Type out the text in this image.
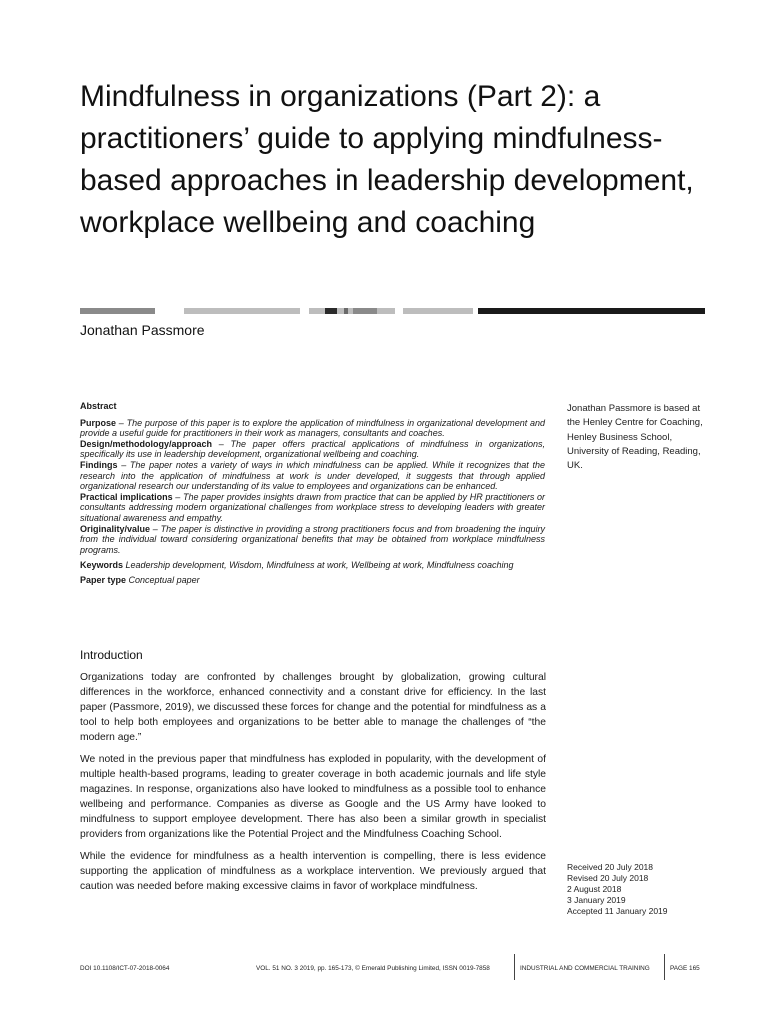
Mindfulness in organizations (Part 2): a practitioners’ guide to applying mindfulness-based approaches in leadership development, workplace wellbeing and coaching
Jonathan Passmore

Abstract

Purpose – The purpose of this paper is to explore the application of mindfulness in organizational development and provide a useful guide for practitioners in their work as managers, consultants and coaches.

Design/methodology/approach – The paper offers practical applications of mindfulness in organizations, specifically its use in leadership development, organizational wellbeing and coaching.

Findings – The paper notes a variety of ways in which mindfulness can be applied. While it recognizes that the research into the application of mindfulness at work is under developed, it suggests that through applied organizational research our understanding of its value to employees and organizations can be enhanced.

Practical implications – The paper provides insights drawn from practice that can be applied by HR practitioners or consultants addressing modern organizational challenges from workplace stress to developing leaders with greater situational awareness and empathy.

Originality/value – The paper is distinctive in providing a strong practitioners focus and from broadening the inquiry from the individual toward considering organizational benefits that may be obtained from workplace mindfulness programs.

Keywords Leadership development, Wisdom, Mindfulness at work, Wellbeing at work, Mindfulness coaching

Paper type Conceptual paper

Jonathan Passmore is based at the Henley Centre for Coaching, Henley Business School, University of Reading, Reading, UK.
Introduction

Organizations today are confronted by challenges brought by globalization, growing cultural differences in the workforce, enhanced connectivity and a constant drive for efficiency. In the last paper (Passmore, 2019), we discussed these forces for change and the potential for mindfulness as a tool to help both employees and organizations to be better able to manage the challenges of “the modern age.”

We noted in the previous paper that mindfulness has exploded in popularity, with the development of multiple health-based programs, leading to greater coverage in both academic journals and life style magazines. In response, organizations also have looked to mindfulness as a possible tool to enhance wellbeing and performance. Companies as diverse as Google and the US Army have looked to mindfulness to support employee development. There has also been a similar growth in specialist providers from organizations like the Potential Project and the Mindfulness Coaching School.

While the evidence for mindfulness as a health intervention is compelling, there is less evidence supporting the application of mindfulness as a workplace intervention. We previously argued that caution was needed before making excessive claims in favor of workplace mindfulness.

Received 20 July 2018
Revised 20 July 2018
2 August 2018
3 January 2019
Accepted 11 January 2019
DOI 10.1108/ICT-07-2018-0064	VOL. 51 NO. 3 2019, pp. 165-173, © Emerald Publishing Limited, ISSN 0019-7858	INDUSTRIAL AND COMMERCIAL TRAINING	PAGE 165
